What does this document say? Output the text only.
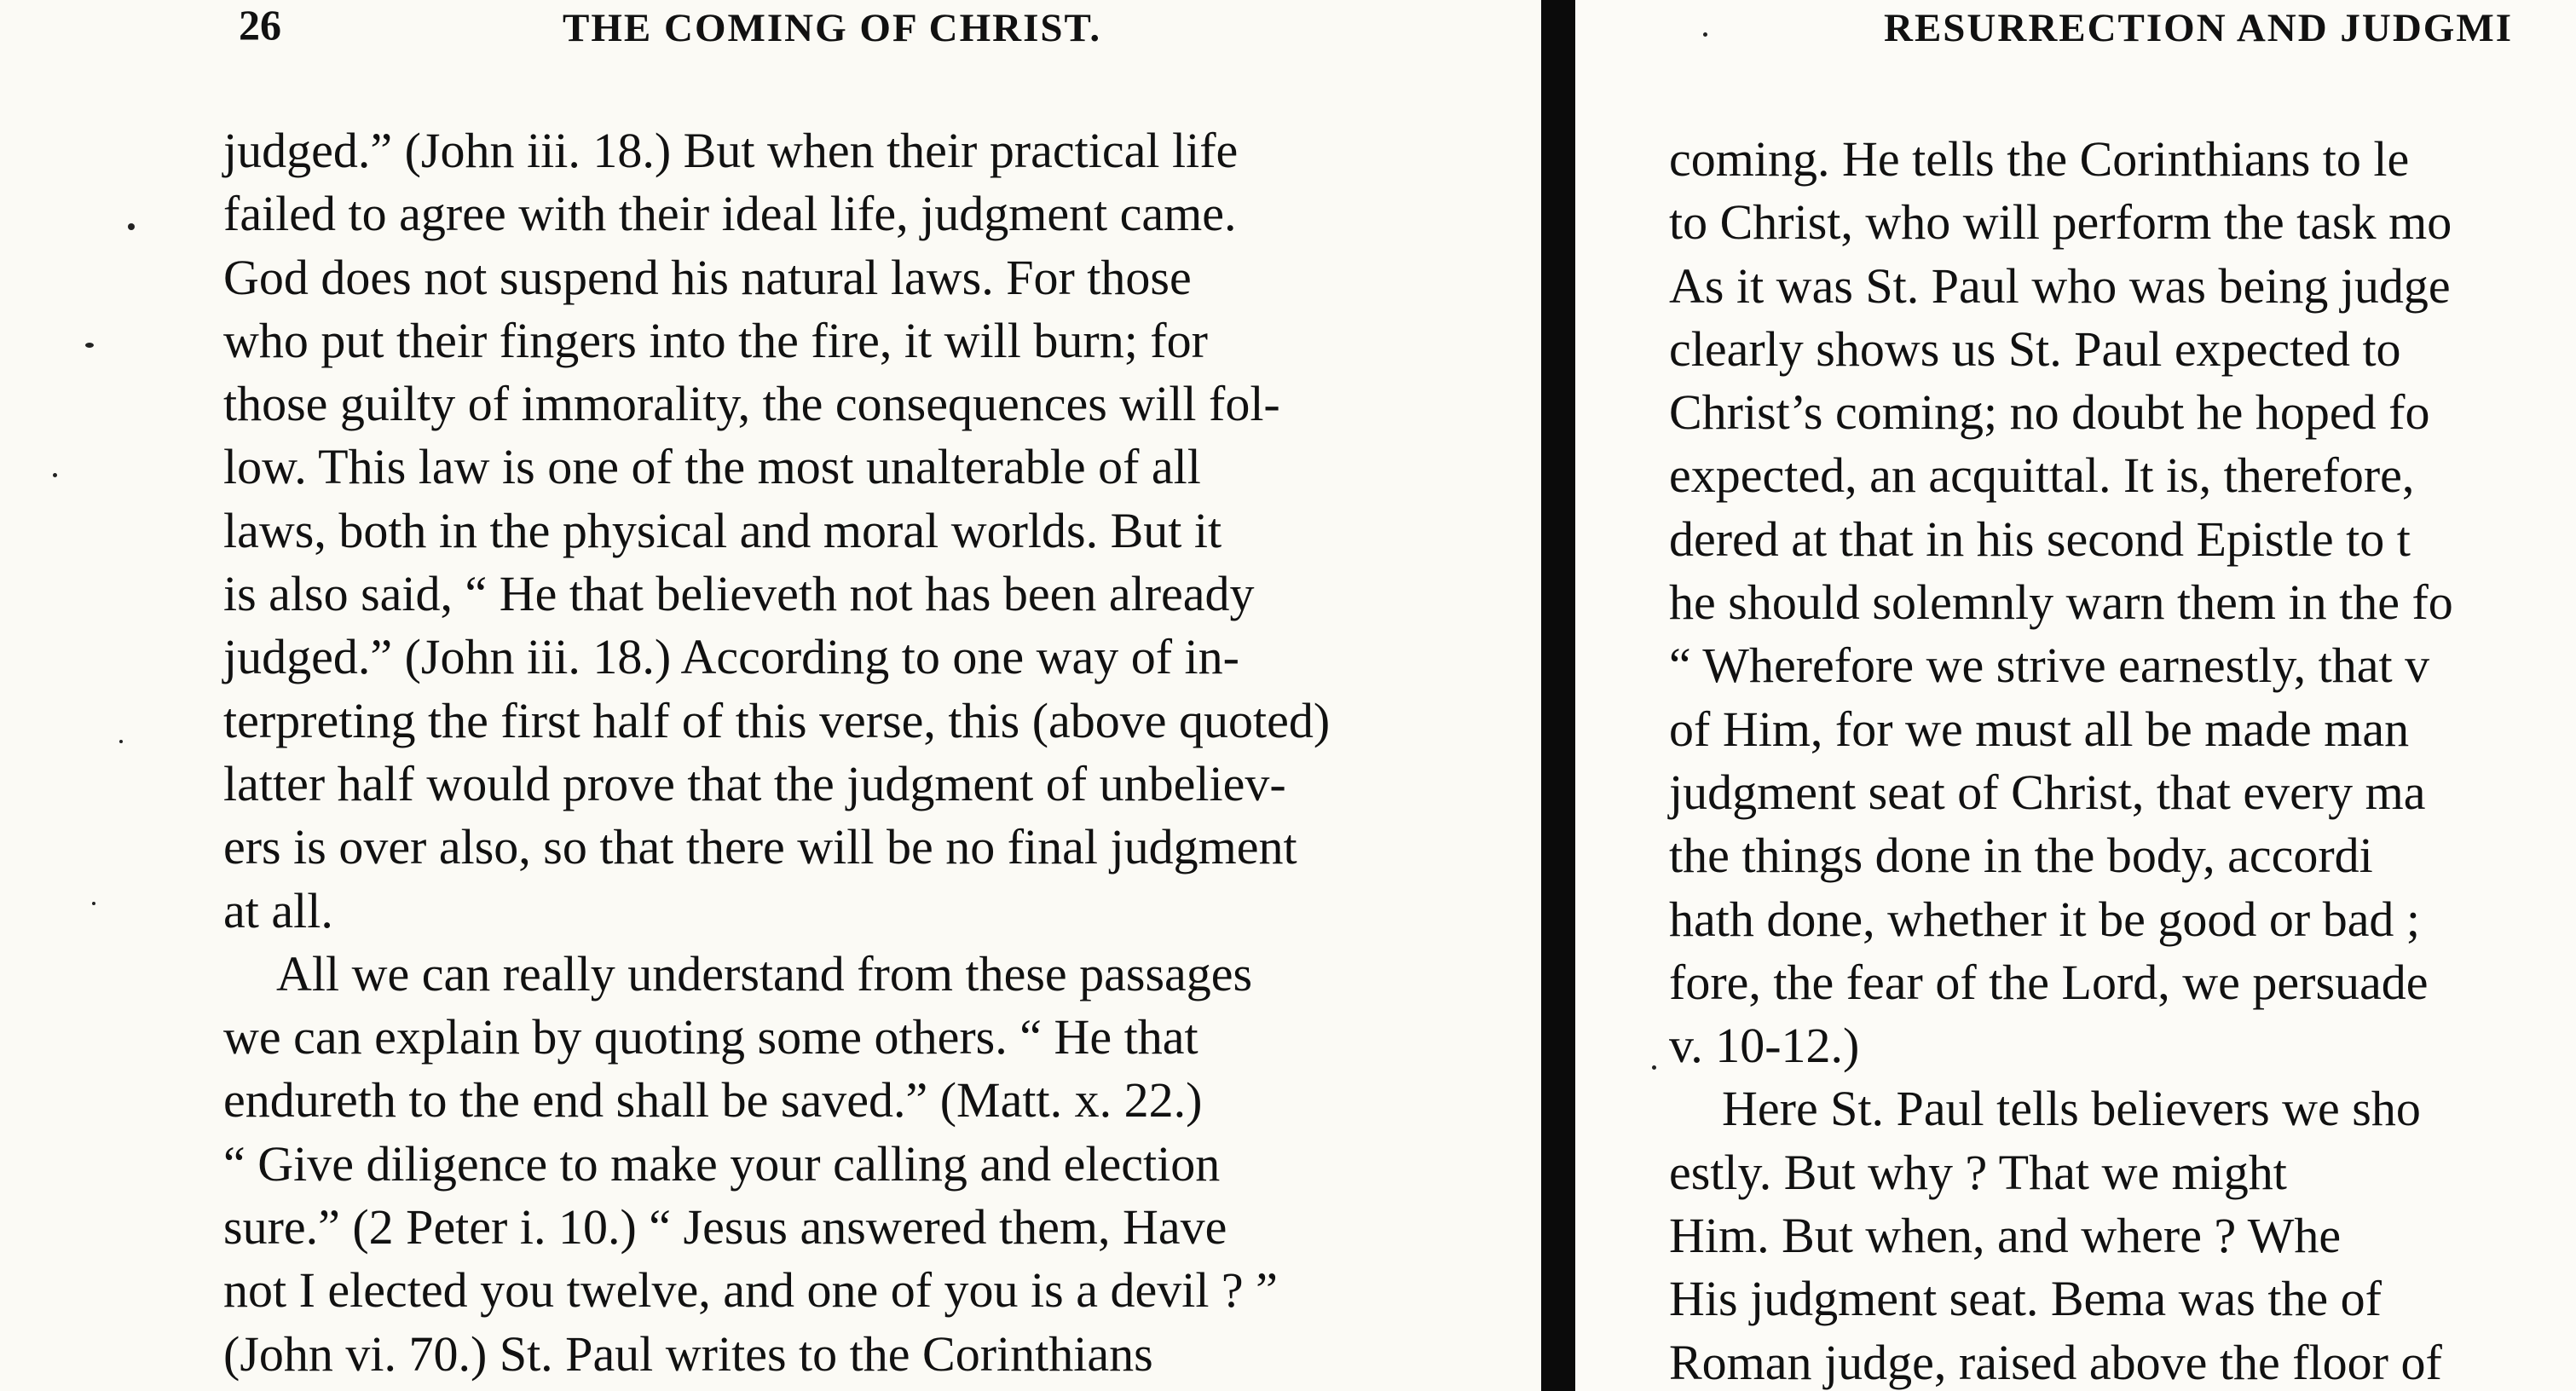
26	THE COMING OF CHRIST.
judged.” (John iii. 18.) But when their practical life
failed to agree with their ideal life, judgment came.
God does not suspend his natural laws. For those
who put their fingers into the fire, it will burn; for
those guilty of immorality, the consequences will fol-
low. This law is one of the most unalterable of all
laws, both in the physical and moral worlds. But it
is also said, “ He that believeth not has been already
judged.” (John iii. 18.) According to one way of in-
terpreting the first half of this verse, this (above quoted)
latter half would prove that the judgment of unbeliev-
ers is over also, so that there will be no final judgment
at all.
All we can really understand from these passages
we can explain by quoting some others. “ He that
endureth to the end shall be saved.” (Matt. x. 22.)
“ Give diligence to make your calling and election
sure.” (2 Peter i. 10.) “ Jesus answered them, Have
not I elected you twelve, and one of you is a devil ? ”
(John vi. 70.) St. Paul writes to the Corinthians
RESURRECTION AND JUDGMI
coming. He tells the Corinthians to le
to Christ, who will perform the task mo
As it was St. Paul who was being judge
clearly shows us St. Paul expected to
Christ’s coming; no doubt he hoped fo
expected, an acquittal. It is, therefore,
dered at that in his second Epistle to t
he should solemnly warn them in the fo
“ Wherefore we strive earnestly, that v
of Him, for we must all be made man
judgment seat of Christ, that every ma
the things done in the body, accordi
hath done, whether it be good or bad ;
fore, the fear of the Lord, we persuade
v. 10-12.)
Here St. Paul tells believers we sho
estly. But why ? That we might
Him. But when, and where ? Whe
His judgment seat. Bema was the of
Roman judge, raised above the floor of
